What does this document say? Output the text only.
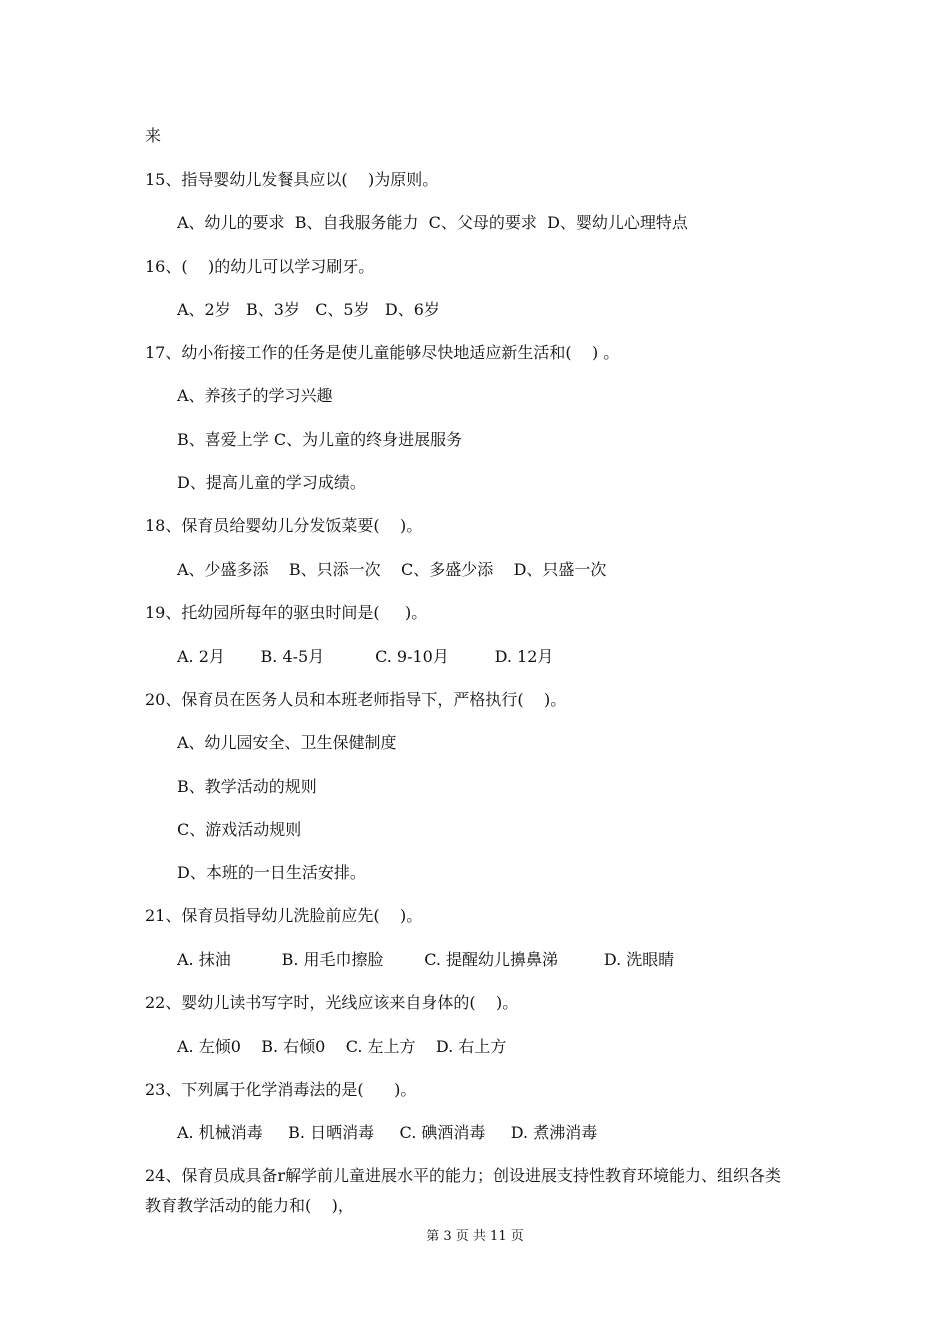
来
15、指导婴幼儿发餐具应以(    )为原则。
A、幼儿的要求  B、自我服务能力  C、父母的要求  D、婴幼儿心理特点
16、(    )的幼儿可以学习刷牙。
A、2岁   B、3岁   C、5岁   D、6岁
17、幼小衔接工作的任务是使儿童能够尽快地适应新生活和(    ) 。
A、养孩子的学习兴趣
B、喜爱上学 C、为儿童的终身进展服务
D、提高儿童的学习成绩。
18、保育员给婴幼儿分发饭菜要(    )。
A、少盛多添    B、只添一次    C、多盛少添    D、只盛一次
19、托幼园所每年的驱虫时间是(     )。
A. 2月       B. 4-5月          C. 9-10月         D. 12月
20、保育员在医务人员和本班老师指导下，严格执行(    )。
A、幼儿园安全、卫生保健制度
B、教学活动的规则
C、游戏活动规则
D、本班的一日生活安排。
21、保育员指导幼儿洗脸前应先(    )。
A. 抹油          B. 用毛巾擦脸        C. 提醒幼儿擤鼻涕         D. 洗眼睛
22、婴幼儿读书写字时，光线应该来自身体的(    )。
A. 左倾0    B. 右倾0    C. 左上方    D. 右上方
23、下列属于化学消毒法的是(      )。
A. 机械消毒     B. 日晒消毒     C. 碘酒消毒     D. 煮沸消毒
24、保育员成具备r解学前儿童进展水平的能力；创设进展支持性教育环境能力、组织各类
教育教学活动的能力和(    )，
第 3 页 共 11 页
